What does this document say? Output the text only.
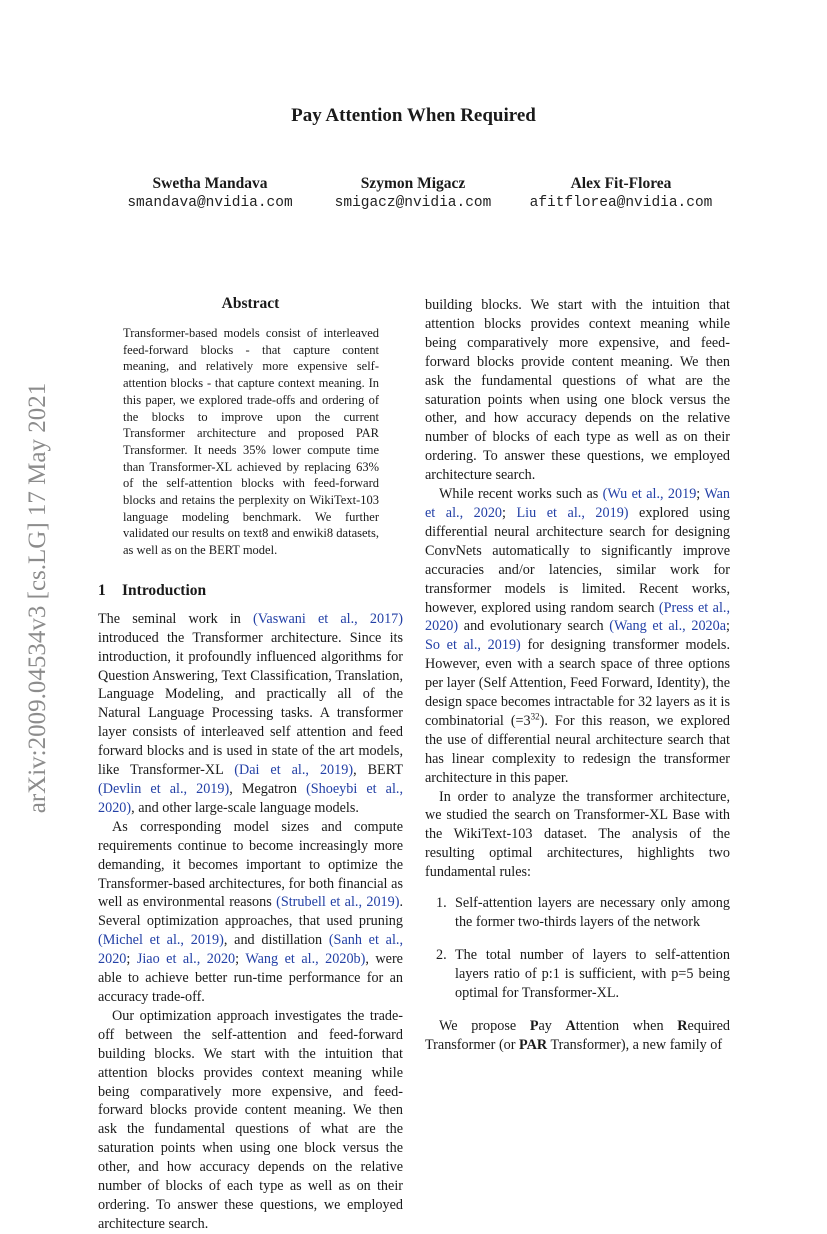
Pay Attention When Required
Swetha Mandava
smandava@nvidia.com
Szymon Migacz
smigacz@nvidia.com
Alex Fit-Florea
afitflorea@nvidia.com
arXiv:2009.04534v3 [cs.LG] 17 May 2021
Abstract
Transformer-based models consist of interleaved feed-forward blocks - that capture content meaning, and relatively more expensive self-attention blocks - that capture context meaning. In this paper, we explored trade-offs and ordering of the blocks to improve upon the current Transformer architecture and proposed PAR Transformer. It needs 35% lower compute time than Transformer-XL achieved by replacing 63% of the self-attention blocks with feed-forward blocks and retains the perplexity on WikiText-103 language modeling benchmark. We further validated our results on text8 and enwiki8 datasets, as well as on the BERT model.
1 Introduction

The seminal work in (Vaswani et al., 2017) introduced the Transformer architecture. Since its introduction, it profoundly influenced algorithms for Question Answering, Text Classification, Translation, Language Modeling, and practically all of the Natural Language Processing tasks. A transformer layer consists of interleaved self attention and feed forward blocks and is used in state of the art models, like Transformer-XL (Dai et al., 2019), BERT (Devlin et al., 2019), Megatron (Shoeybi et al., 2020), and other large-scale language models.

As corresponding model sizes and compute requirements continue to become increasingly more demanding, it becomes important to optimize the Transformer-based architectures, for both financial as well as environmental reasons (Strubell et al., 2019). Several optimization approaches, that used pruning (Michel et al., 2019), and distillation (Sanh et al., 2020; Jiao et al., 2020; Wang et al., 2020b), were able to achieve better run-time performance for an accuracy trade-off.

Our optimization approach investigates the trade-off between the self-attention and feed-forward building blocks. We start with the intuition that attention blocks provides context meaning while being comparatively more expensive, and feed-forward blocks provide content meaning. We then ask the fundamental questions of what are the saturation points when using one block versus the other, and how accuracy depends on the relative number of blocks of each type as well as on their ordering. To answer these questions, we employed architecture search.

building blocks. We start with the intuition that attention blocks provides context meaning while being comparatively more expensive, and feed-forward blocks provide content meaning. We then ask the fundamental questions of what are the saturation points when using one block versus the other, and how accuracy depends on the relative number of blocks of each type as well as on their ordering. To answer these questions, we employed architecture search.

While recent works such as (Wu et al., 2019; Wan et al., 2020; Liu et al., 2019) explored using differential neural architecture search for designing ConvNets automatically to significantly improve accuracies and/or latencies, similar work for transformer models is limited. Recent works, however, explored using random search (Press et al., 2020) and evolutionary search (Wang et al., 2020a; So et al., 2019) for designing transformer models. However, even with a search space of three options per layer (Self Attention, Feed Forward, Identity), the design space becomes intractable for 32 layers as it is combinatorial $(=3^{32})$. For this reason, we explored the use of differential neural architecture search that has linear complexity to redesign the transformer architecture in this paper.

In order to analyze the transformer architecture, we studied the search on Transformer-XL Base with the WikiText-103 dataset. The analysis of the resulting optimal architectures, highlights two fundamental rules:

1. Self-attention layers are necessary only among the former two-thirds layers of the network
2. The total number of layers to self-attention layers ratio of p:1 is sufficient, with p=5 being optimal for Transformer-XL.

We propose Pay Attention when Required Transformer (or PAR Transformer), a new family of
